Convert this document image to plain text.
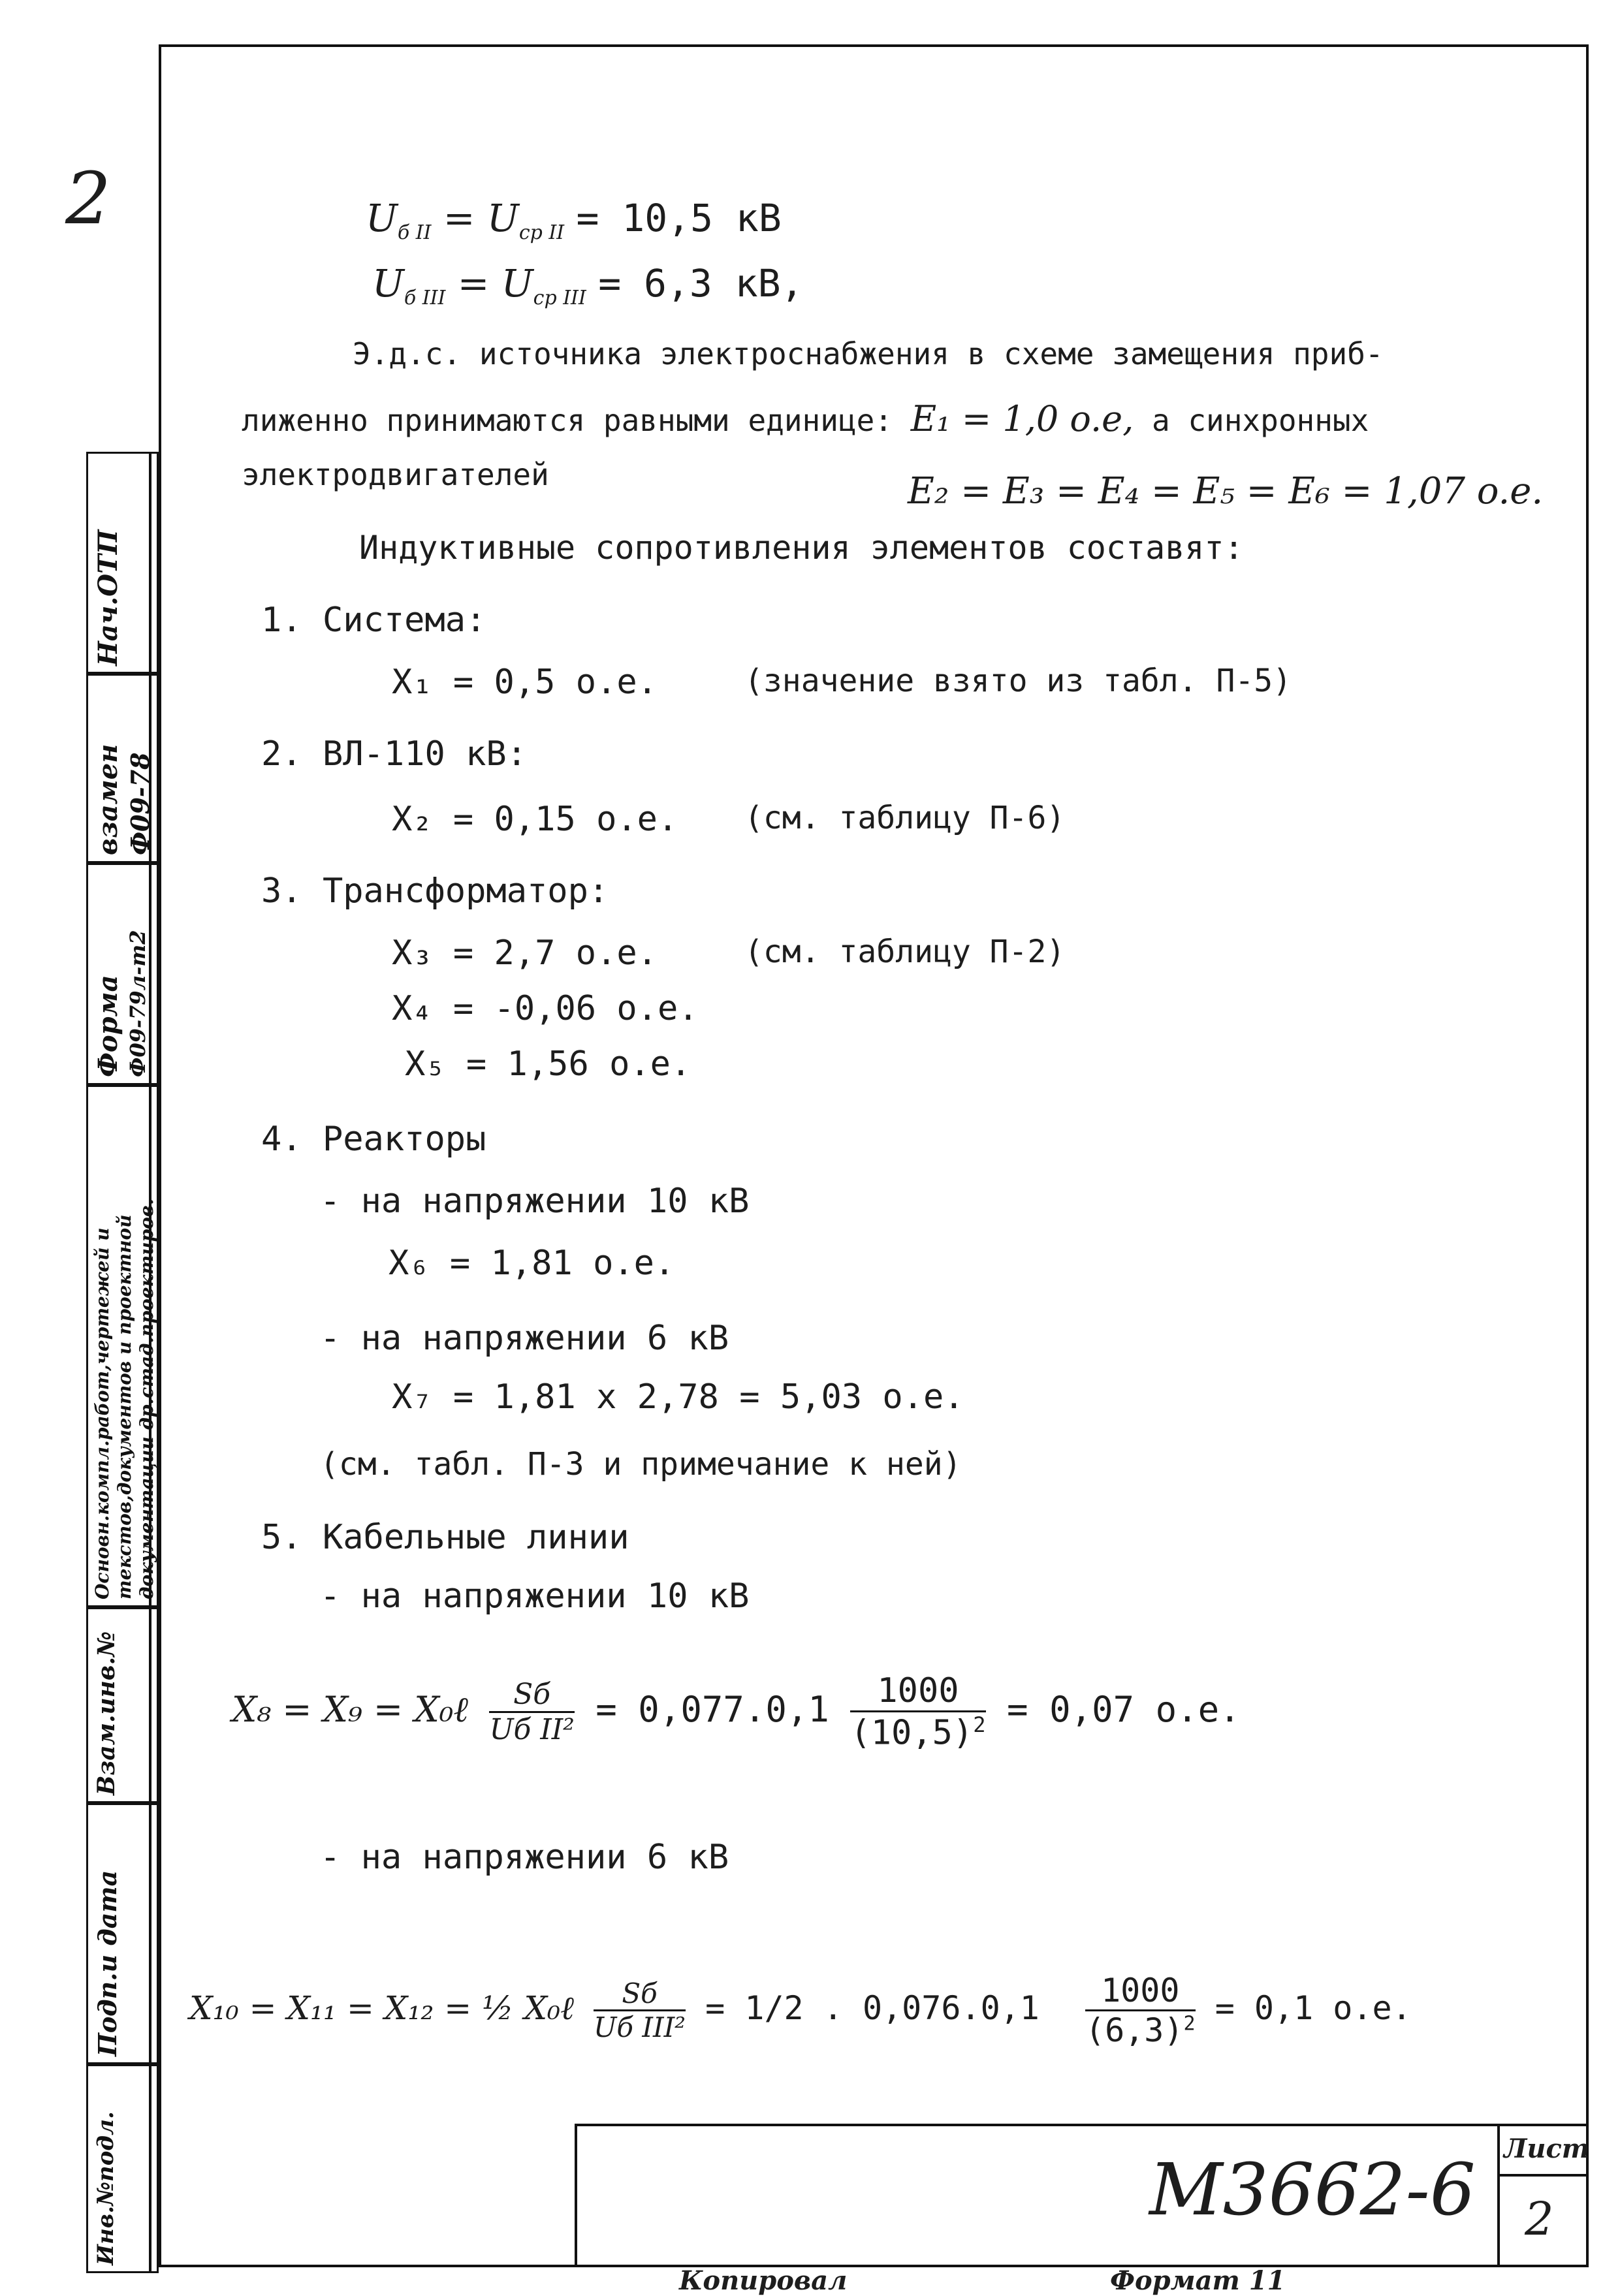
2
Нач.ОТП
взамен Ф09-78
Форма Ф09-79л-т2
Основн.компл.работ,чертежей и текстов,документов и проектной документации др.стад.проектиров.
Взам.инв.№
Подп.и дата
Инв.№подл.
$U_{б II} = U_{ср II} = 10,5$ кВ
$U_{б III} = U_{ср III} = 6,3$ кВ,
Э.д.с. источника электроснабжения в схеме замещения приб-
лиженно принимаются равными единице: E₁ = 1,0 o.e, а синхронных
электродвигателей	E₂ = E₃ = E₄ = E₅ = E₆ = 1,07 o.e.
Индуктивные сопротивления элементов составят:
1. Система:
X₁ = 0,5 о.е.	(значение взято из табл. П-5)
2. ВЛ-110 кВ:
X₂ = 0,15 о.е. (см. таблицу П-6)
3. Трансформатор:
X₃ = 2,7 о.е.	(см. таблицу П-2)
X₄ = -0,06 о.е.
X₅ = 1,56 о.е.
4. Реакторы
- на напряжении 10 кВ
X₆ = 1,81 о.е.
- на напряжении 6 кВ
X₇ = 1,81 x 2,78 = 5,03 о.е.
(см. табл. П-3 и примечание к ней)
5. Кабельные линии
- на напряжении 10 кВ
X₈ = X₉ = X₀ℓ $\frac{Sб}{\text{Uб II²}} = 0,077.0,1 \frac{1000}{(10,5)^2} = 0,07$ о.е.
- на напряжении 6 кВ
X₁₀ = X₁₁ = X₁₂ = ½ X₀ℓ $\frac{Sб}{\text{Uб III²}} = 1/2$ . $0,076.0,1 \frac{1000}{(6,3)^2} = 0,1$ о.е.
Лист
2
М3662-6
Копировал	Формат 11
